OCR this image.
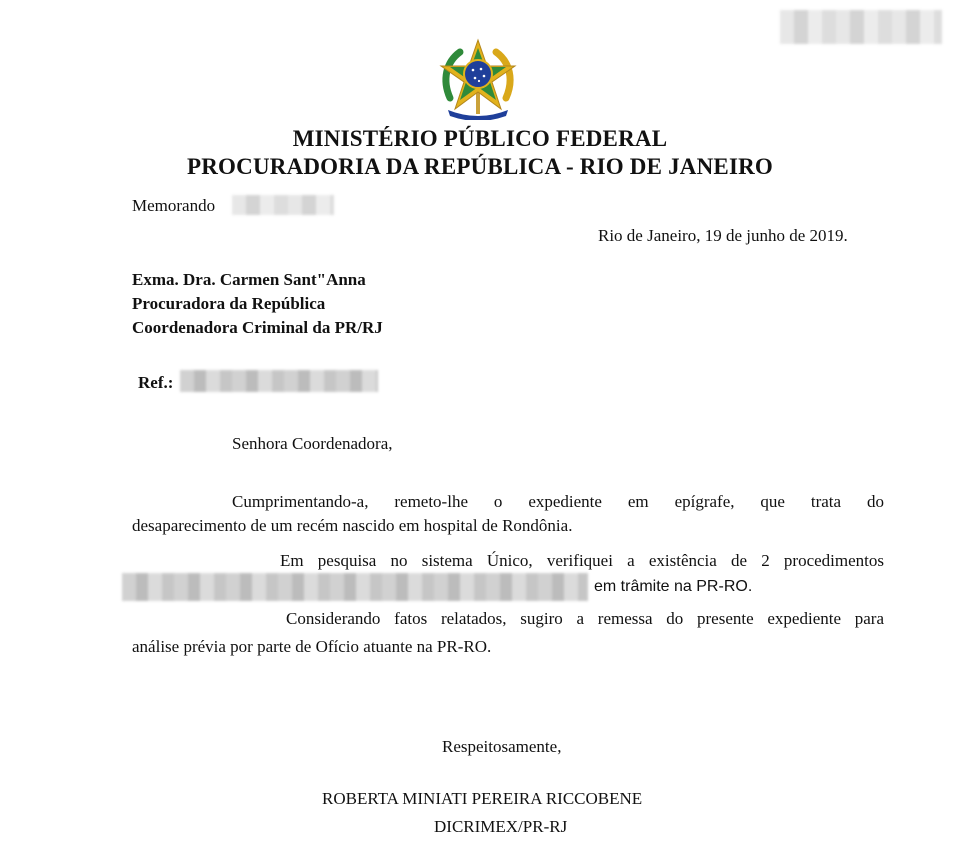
MINISTÉRIO PÚBLICO FEDERAL
PROCURADORIA DA REPÚBLICA - RIO DE JANEIRO
Memorando
Rio de Janeiro, 19 de junho de 2019.
Exma. Dra. Carmen Sant"Anna
Procuradora da República
Coordenadora Criminal da PR/RJ
Ref.:
Senhora Coordenadora,
Cumprimentando-a, remeto-lhe o expediente em epígrafe, que trata do
desaparecimento de um recém nascido em hospital de Rondônia.
Em pesquisa no sistema Único, verifiquei a existência de 2 procedimentos
em trâmite na PR-RO.
Considerando fatos relatados, sugiro a remessa do presente expediente para
análise prévia por parte de Ofício atuante na PR-RO.
Respeitosamente,
ROBERTA MINIATI PEREIRA RICCOBENE
DICRIMEX/PR-RJ
